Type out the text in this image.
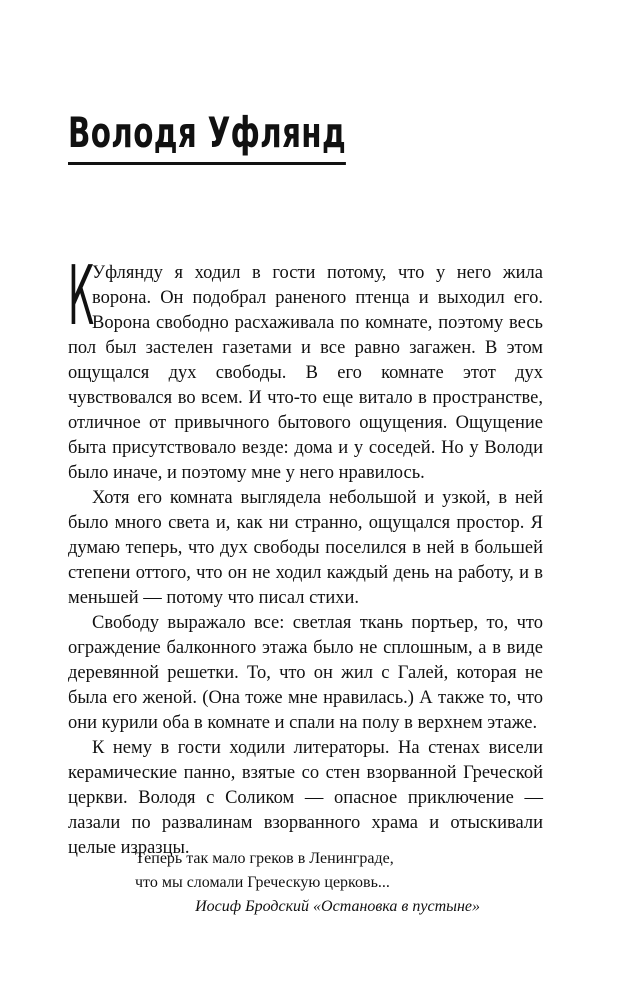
Володя Уфлянд

К
Уфлянду я ходил в гости потому, что у него жила ворона. Он подобрал раненого птенца и выходил его. Ворона свободно расхаживала по комнате, поэтому весь пол был застелен газетами и все равно загажен. В этом ощущался дух свободы. В его комнате этот дух чувствовался во всем. И что-то еще витало в пространстве, отличное от привычного бытового ощущения. Ощущение быта присутствовало везде: дома и у соседей. Но у Володи было иначе, и поэтому мне у него нравилось.

Хотя его комната выглядела небольшой и узкой, в ней было много света и, как ни странно, ощущался простор. Я думаю теперь, что дух свободы поселился в ней в большей степени оттого, что он не ходил каждый день на работу, и в меньшей — потому что писал стихи.

Свободу выражало все: светлая ткань портьер, то, что ограждение балконного этажа было не сплошным, а в виде деревянной решетки. То, что он жил с Галей, которая не была его женой. (Она тоже мне нравилась.) А также то, что они курили оба в комнате и спали на полу в верхнем этаже.

К нему в гости ходили литераторы. На стенах висели керамические панно, взятые со стен взорванной Греческой церкви. Володя с Соликом — опасное приключение — лазали по развалинам взорванного храма и отыскивали целые изразцы.

Теперь так мало греков в Ленинграде,
что мы сломали Греческую церковь...
Иосиф Бродский «Остановка в пустыне»
